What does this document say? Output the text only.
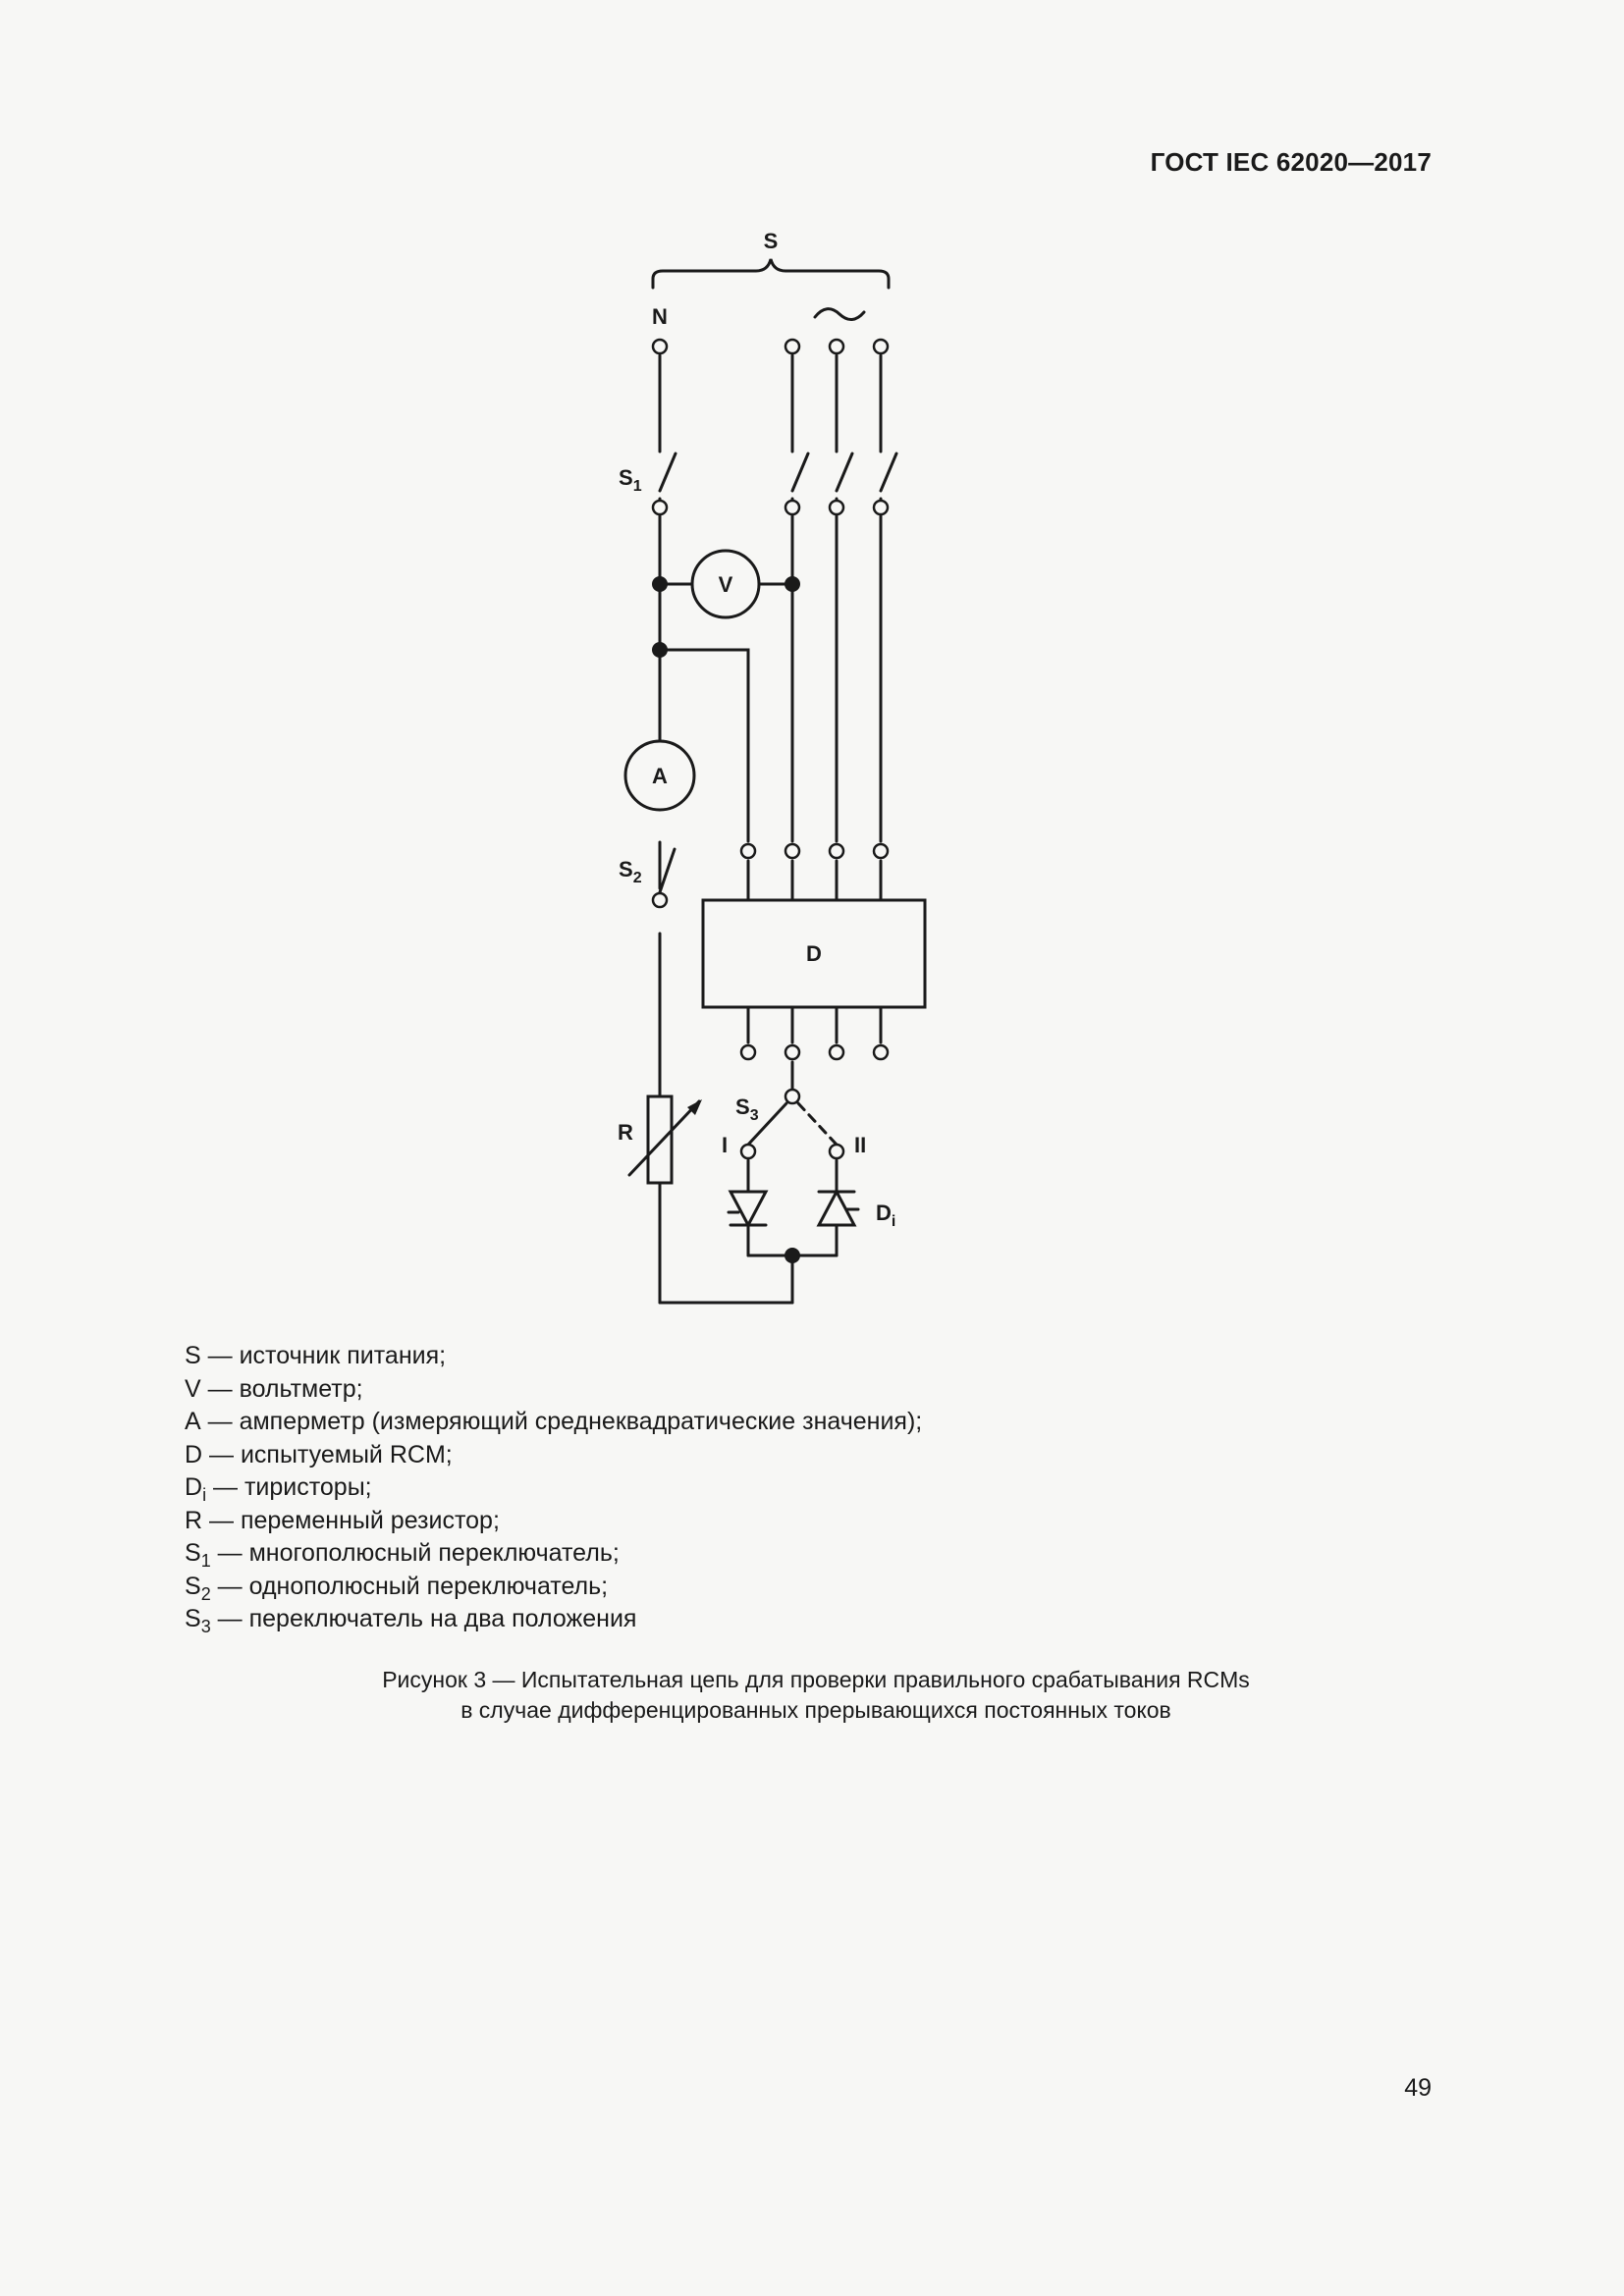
ГОСТ IEC 62020—2017
S
N
$S_1$
V
A
$S_2$
D
$S_3$
R
I	II
$D_i$
S — источник питания;
V — вольтметр;
A — амперметр (измеряющий среднеквадратические значения);
D — испытуемый RCM;
$D_i$ — тиристоры;
R — переменный резистор;
$S_1$ — многополюсный переключатель;
$S_2$ — однополюсный переключатель;
$S_3$ — переключатель на два положения
Рисунок 3 — Испытательная цепь для проверки правильного срабатывания RCMs
в случае дифференцированных прерывающихся постоянных токов
49
